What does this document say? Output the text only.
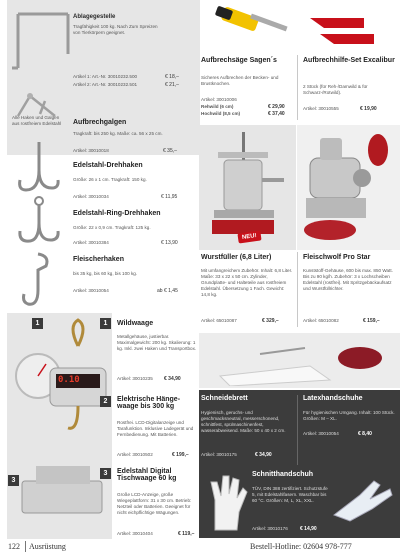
Ablagegestelle
Tragfähigkeit 100 kg. Nach Zum Spreizen
von Tierkörpern geeignet.
Artikel 1: Art.-Nr. 30010232.500	€ 18,–
Artikel 2: Art.-Nr. 30010232.501	€ 21,–
Alle Haken und Galgen aus rostfreiem Edelstahl	Aufbrechgalgen
Tragkraft: bis 250 kg. Maße: ca. 56 x 25 cm.
Artikel: 30010018	€ 35,–
Edelstahl-Drehhaken
Größe: 26 x 1 cm. Tragkraft: 150 kg.
Artikel: 30010034	€ 11,95
Edelstahl-Ring-Drehhaken
Größe: 22 x 0,9 cm. Tragkraft: 125 kg.
Artikel: 30010384	€ 13,90
Fleischerhaken
bis 35 kg, bis 60 kg, bis 100 kg.
Artikel: 30010054	ab € 1,45
Aufbrechsäge Sagen´s
Sicheres Aufbrechen der Becken- und Brustknochen.
Artikel: 30010006
Rehwild (6 cm)	€ 29,90
Hochwild (8,5 cm)	€ 37,40
Aufbrechhilfe-Set Excalibur
2 Stück (für Reh-/Damwild & für Schwarz-/Rotwild).
Artikel: 30010555	€ 19,90
NEU!
Wurstfüller (6,8 Liter)
Mit umfangreichem Zubehör. Inhalt: 6,8 Liter. Maße: 33 x 22 x 50 cm. Zylinder, Grundplatte- und Halteteile aus rostfreiem Edelstahl. Übersetzung 1 Fach. Gewicht: 14,8 kg.
Artikel: 65010087	€ 329,–
Fleischwolf Pro Star
Kunststoff-Gehäuse, 600 bis max. 850 Watt. Bis zu 90 kg/h. Zubehör: 3 x Lochscheiben Edelstahl (rostfrei). Mit Spritzgebäckaufsatz und Wurstfüllrichter.
Artikel: 65010082	€ 159,–
0.10
1
3
1	Wildwaage
Metallgehäuse, justierbar. Maximalgewicht: 200 kg. Skalierung: 1 kg. Inkl. zwei Haken und Transportbox.
Artikel: 30010235 € 34,90
2	Elektrische Hänge-waage bis 300 kg
Rostfrei. LCD-Digitalanzeige und Tarafunktion. Inklusive Ladegerät und Fernbedienung. Mit Batterien.
Artikel: 30010502	€ 199,–
3	Edelstahl Digital Tischwaage 60 kg
Große LCD-Anzeige, große Wiegeplattform: 31 x 30 cm. Betrieb: Netzteil oder Batterien. Geeignet für nicht eichpflichtige Wägungen.
Artikel: 30010404	€ 119,–
Schneidebrett
Hygienisch, geruchs- und geschmacksneutral, messerschonend, schnittfest, spülmaschinenfest, wasserabweisend. Maße: 50 x 40 x 2 cm.
Artikel: 30010175	€ 34,90
Latexhandschuhe
Für hygienischen Umgang. Inhalt: 100 Stück. Größen: M – XL.
Artikel: 30010054	€ 8,40
Schnitthandschuh
TÜV, DIN 388 zertifiziert. Schutzstufe 5, mit Edelstahlfasern. Waschbar bis 60 °C. Größen: M, L, XL, XXL.
Artikel: 30010176 € 14,90
122 Ausrüstung	Bestell-Hotline: 02604 978-777
